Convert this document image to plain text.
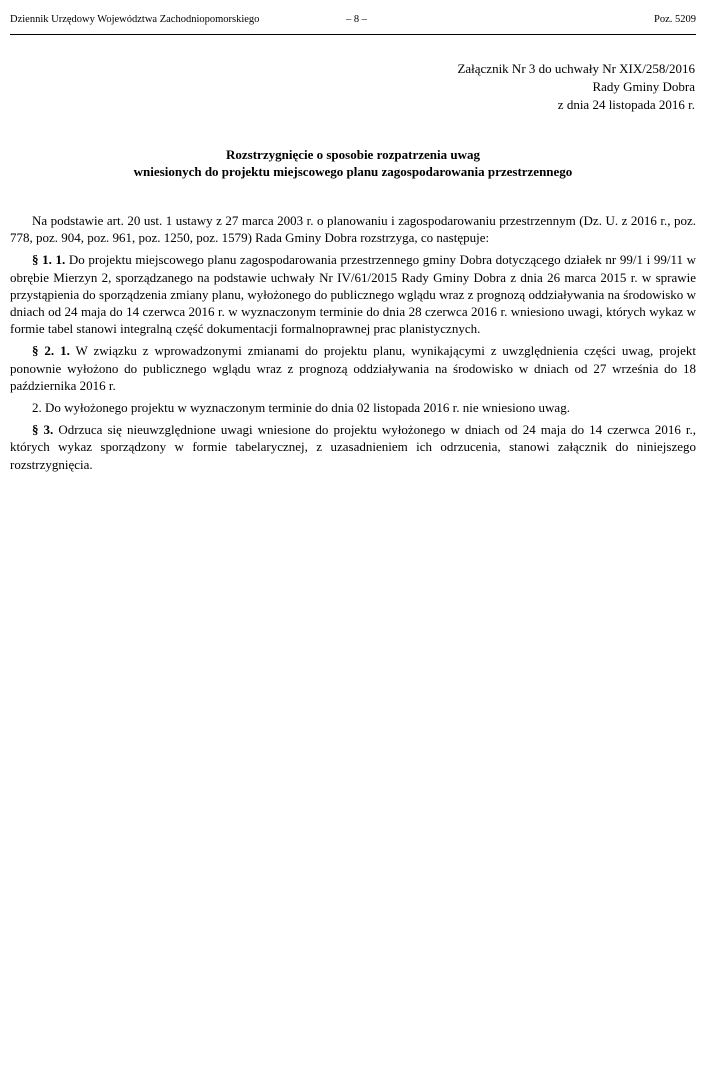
Dziennik Urzędowy Województwa Zachodniopomorskiego	– 8 –	Poz. 5209
Załącznik Nr 3 do uchwały Nr XIX/258/2016
Rady Gminy Dobra
z dnia 24 listopada 2016 r.
Rozstrzygnięcie o sposobie rozpatrzenia uwag
wniesionych do projektu miejscowego planu zagospodarowania przestrzennego

Na podstawie art. 20 ust. 1 ustawy z 27 marca 2003 r. o planowaniu i zagospodarowaniu przestrzennym (Dz. U. z 2016 r., poz. 778, poz. 904, poz. 961, poz. 1250, poz. 1579) Rada Gminy Dobra rozstrzyga, co następuje:

§ 1. 1. Do projektu miejscowego planu zagospodarowania przestrzennego gminy Dobra dotyczącego działek nr 99/1 i 99/11 w obrębie Mierzyn 2, sporządzanego na podstawie uchwały Nr IV/61/2015 Rady Gminy Dobra z dnia 26 marca 2015 r. w sprawie przystąpienia do sporządzenia zmiany planu, wyłożonego do publicznego wglądu wraz z prognozą oddziaływania na środowisko w dniach od 24 maja do 14 czerwca 2016 r. w wyznaczonym terminie do dnia 28 czerwca 2016 r. wniesiono uwagi, których wykaz w formie tabel stanowi integralną część dokumentacji formalnoprawnej prac planistycznych.

§ 2. 1. W związku z wprowadzonymi zmianami do projektu planu, wynikającymi z uwzględnienia części uwag, projekt ponownie wyłożono do publicznego wglądu wraz z prognozą oddziaływania na środowisko w dniach od 27 września do 18 października 2016 r.

2. Do wyłożonego projektu w wyznaczonym terminie do dnia 02 listopada 2016 r. nie wniesiono uwag.

§ 3. Odrzuca się nieuwzględnione uwagi wniesione do projektu wyłożonego w dniach od 24 maja do 14 czerwca 2016 r., których wykaz sporządzony w formie tabelarycznej, z uzasadnieniem ich odrzucenia, stanowi załącznik do niniejszego rozstrzygnięcia.
